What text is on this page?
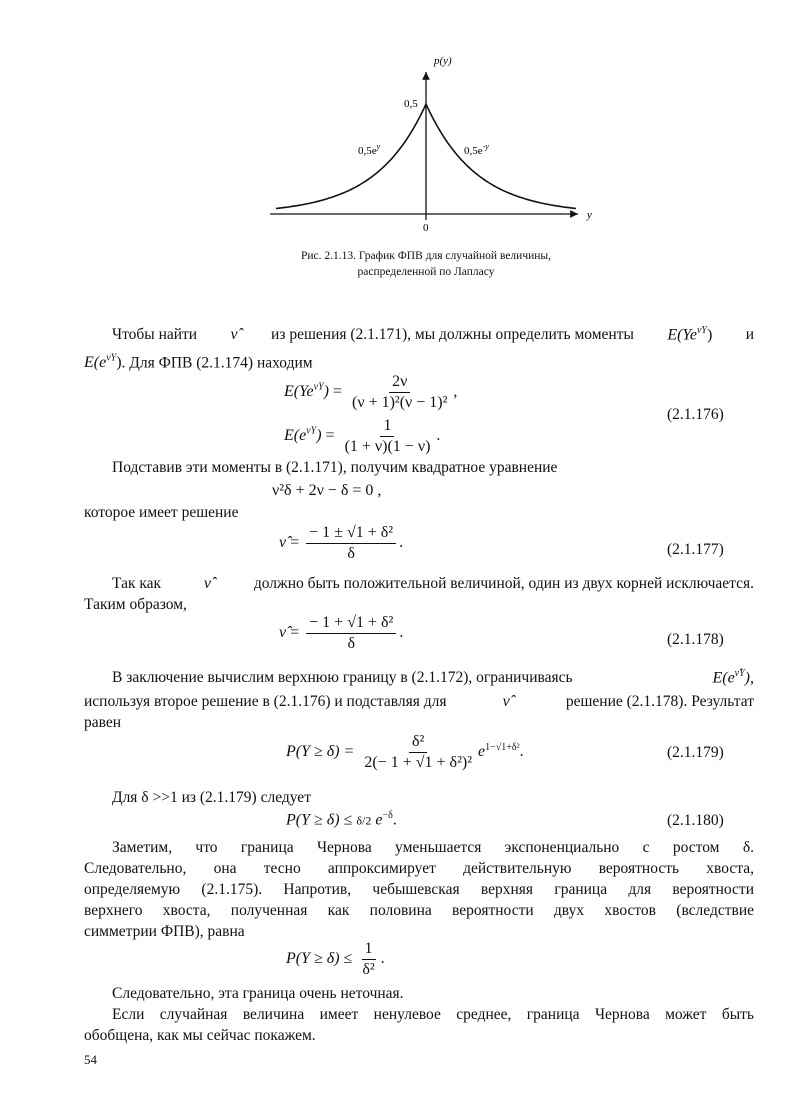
p(y)
y
0,5
0
$0,5e^y$	$0,5e^{-y}$
Рис. 2.1.13. График ФПВ для случайной величины,
распределенной по Лапласу
Чтобы найти ν̂ из решения (2.1.171), мы должны определить моменты $E(Ye^{\nu Y})$ и
$E(e^{\nu Y})$. Для ФПВ (2.1.174) находим
$E(Ye^{\nu Y}) = \frac{2\nu}{\text{(ν + 1)²(ν − 1)²}}$ ,
$E(e^{\nu Y}) = \frac{1}{(1 + \nu)(1 - \nu)}$ .
(2.1.176)
Подставив эти моменты в (2.1.171), получим квадратное уравнение
ν²δ + 2ν − δ = 0 ,
которое имеет решение
ν̂ = $\frac{\text{− 1 ± √1 + δ²}}{\delta}$ .	(2.1.177)
Так как	ν̂	должно быть положительной величиной, один из двух корней исключается.
Таким образом,
ν̂ = $\frac{\text{− 1 + √1 + δ²}}{\delta}$ .	(2.1.178)
В заключение вычислим верхнюю границу в (2.1.172), ограничиваясь	$E(e^{\nûY})$,
используя второе решение в (2.1.176) и подставляя для	ν̂	решение (2.1.178). Результат
равен
$P(Y \ge \delta) = \frac{\text{δ²}}{\text{2(− 1 + √1 + δ²)²}} e^{1-√1+\delta^2}$.	(2.1.179)
Для δ >>1 из (2.1.179) следует
P(Y ≥ δ) ≤ δ/2 $e^{-\delta}$.	(2.1.180)
Заметим, что граница Чернова уменьшается экспоненциально с ростом δ.
Следовательно, она тесно аппроксимирует действительную вероятность хвоста,
определяемую (2.1.175). Напротив, чебышевская верхняя граница для вероятности
верхнего хвоста, полученная как половина вероятности двух хвостов (вследствие
симметрии ФПВ), равна
$P(Y \ge \delta) \le \frac{1}{\text{δ²}}$ .
Следовательно, эта граница очень неточная.
Если случайная величина имеет ненулевое среднее, граница Чернова может быть
обобщена, как мы сейчас покажем.
54
